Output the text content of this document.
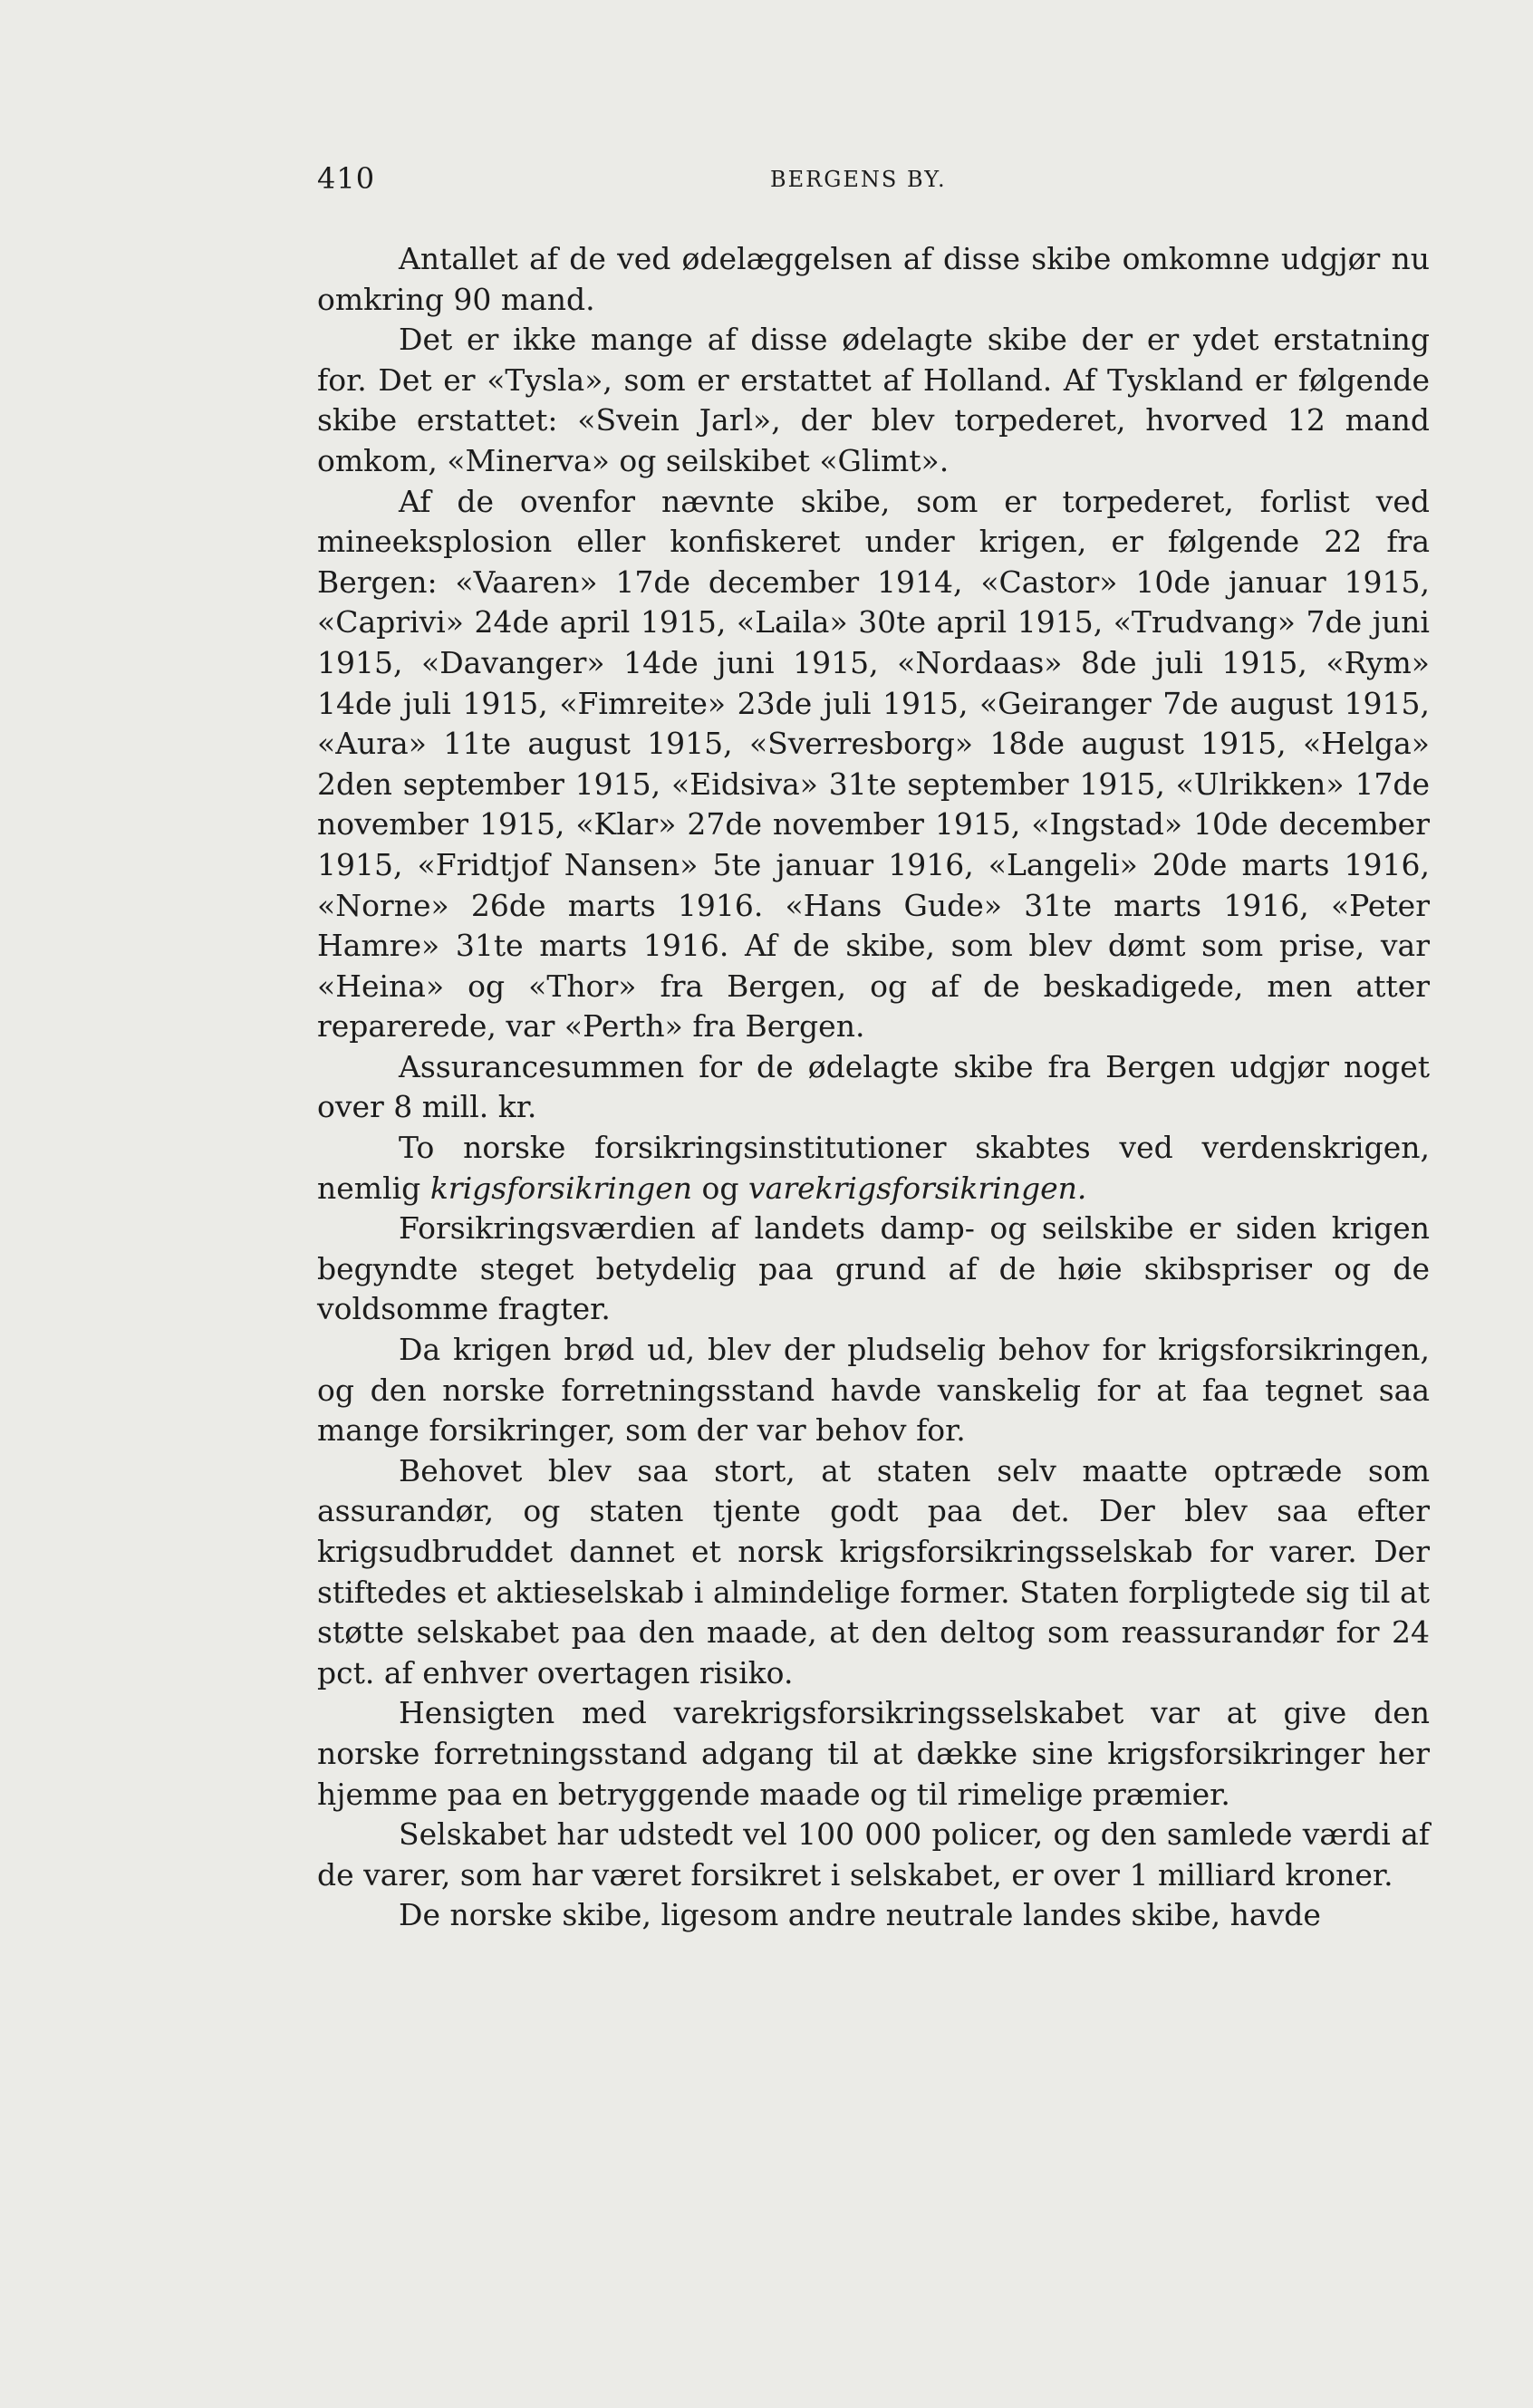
410	BERGENS BY.

Antallet af de ved ødelæggelsen af disse skibe omkomne udgjør nu omkring 90 mand.

Det er ikke mange af disse ødelagte skibe der er ydet erstatning for. Det er «Tysla», som er erstattet af Holland. Af Tyskland er følgende skibe erstattet: «Svein Jarl», der blev torpederet, hvorved 12 mand omkom, «Minerva» og seilskibet «Glimt».

Af de ovenfor nævnte skibe, som er torpederet, forlist ved mineeksplosion eller konfiskeret under krigen, er følgende 22 fra Bergen: «Vaaren» 17de december 1914, «Castor» 10de januar 1915, «Caprivi» 24de april 1915, «Laila» 30te april 1915, «Trudvang» 7de juni 1915, «Davanger» 14de juni 1915, «Nordaas» 8de juli 1915, «Rym» 14de juli 1915, «Fimreite» 23de juli 1915, «Geiranger 7de august 1915, «Aura» 11te august 1915, «Sverresborg» 18de august 1915, «Helga» 2den september 1915, «Eidsiva» 31te september 1915, «Ulrikken» 17de november 1915, «Klar» 27de november 1915, «Ingstad» 10de december 1915, «Fridtjof Nansen» 5te januar 1916, «Langeli» 20de marts 1916, «Norne» 26de marts 1916. «Hans Gude» 31te marts 1916, «Peter Hamre» 31te marts 1916. Af de skibe, som blev dømt som prise, var «Heina» og «Thor» fra Bergen, og af de beskadigede, men atter reparerede, var «Perth» fra Bergen.

Assurancesummen for de ødelagte skibe fra Bergen udgjør noget over 8 mill. kr.

To norske forsikringsinstitutioner skabtes ved verdenskrigen, nemlig krigsforsikringen og varekrigsforsikringen.

Forsikringsværdien af landets damp- og seilskibe er siden krigen begyndte steget betydelig paa grund af de høie skibspriser og de voldsomme fragter.

Da krigen brød ud, blev der pludselig behov for krigsforsikringen, og den norske forretningsstand havde vanskelig for at faa tegnet saa mange forsikringer, som der var behov for.

Behovet blev saa stort, at staten selv maatte optræde som assurandør, og staten tjente godt paa det. Der blev saa efter krigsudbruddet dannet et norsk krigsforsikringsselskab for varer. Der stiftedes et aktieselskab i almindelige former. Staten forpligtede sig til at støtte selskabet paa den maade, at den deltog som reassurandør for 24 pct. af enhver overtagen risiko.

Hensigten med varekrigsforsikringsselskabet var at give den norske forretningsstand adgang til at dække sine krigsforsikringer her hjemme paa en betryggende maade og til rimelige præmier.

Selskabet har udstedt vel 100 000 policer, og den samlede værdi af de varer, som har været forsikret i selskabet, er over 1 milliard kroner.

De norske skibe, ligesom andre neutrale landes skibe, havde
